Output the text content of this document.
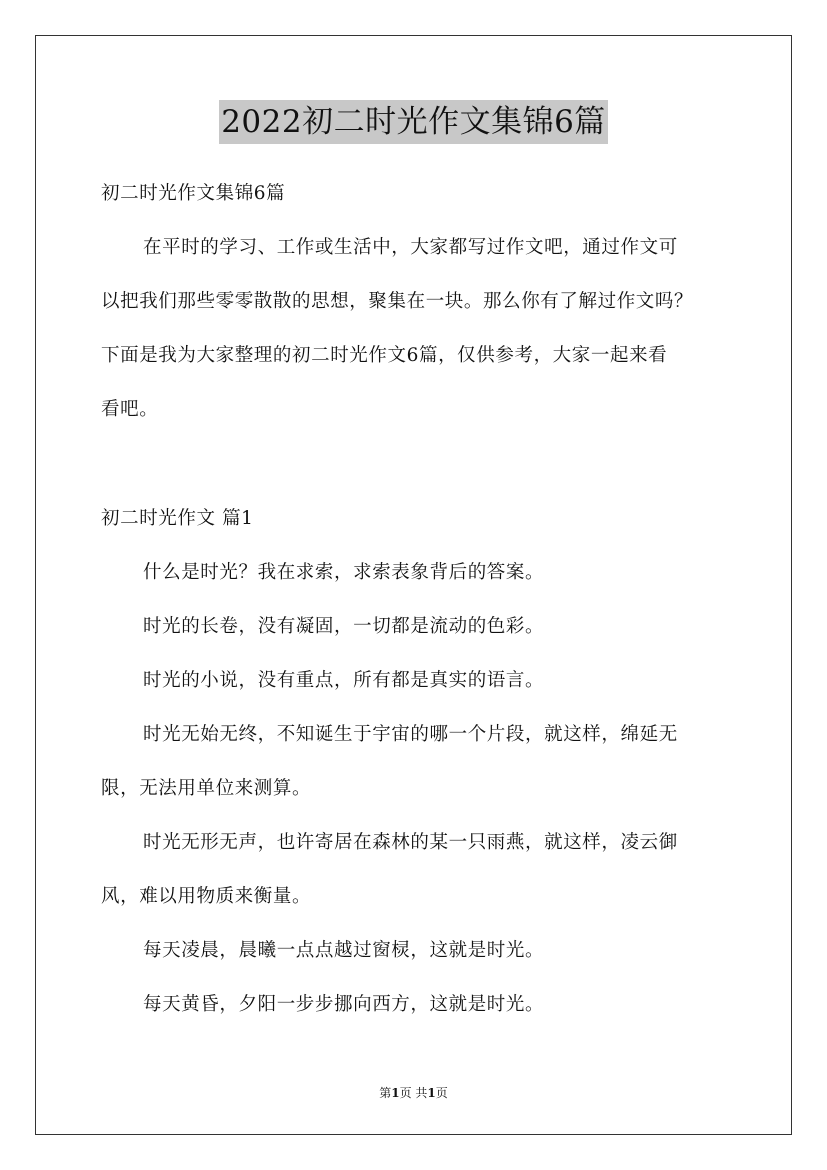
2022初二时光作文集锦6篇
初二时光作文集锦6篇
在平时的学习、工作或生活中，大家都写过作文吧，通过作文可
以把我们那些零零散散的思想，聚集在一块。那么你有了解过作文吗？
下面是我为大家整理的初二时光作文6篇，仅供参考，大家一起来看
看吧。
初二时光作文 篇1
什么是时光？我在求索，求索表象背后的答案。
时光的长卷，没有凝固，一切都是流动的色彩。
时光的小说，没有重点，所有都是真实的语言。
时光无始无终，不知诞生于宇宙的哪一个片段，就这样，绵延无
限，无法用单位来测算。
时光无形无声，也许寄居在森林的某一只雨燕，就这样，凌云御
风，难以用物质来衡量。
每天凌晨，晨曦一点点越过窗棂，这就是时光。
每天黄昏，夕阳一步步挪向西方，这就是时光。
第1页 共1页
